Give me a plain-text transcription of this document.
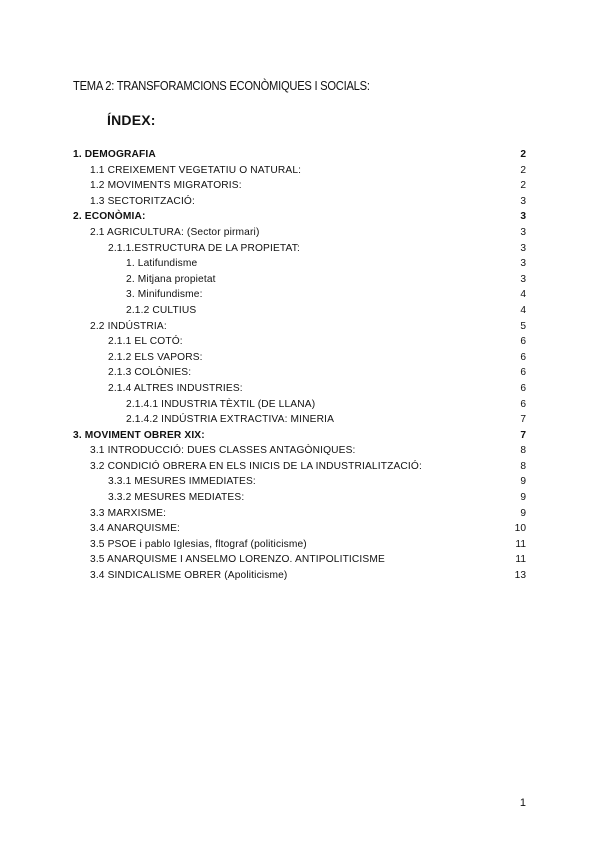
TEMA 2: TRANSFORAMCIONS ECONÒMIQUES I SOCIALS:
ÍNDEX:
1. DEMOGRAFIA	2
1.1 CREIXEMENT VEGETATIU O NATURAL:	2
1.2 MOVIMENTS MIGRATORIS:	2
1.3 SECTORITZACIÓ:	3
2. ECONÒMIA:	3
2.1 AGRICULTURA: (Sector pirmari)	3
2.1.1.ESTRUCTURA DE LA PROPIETAT:	3
1. Latifundisme	3
2. Mitjana propietat	3
3. Minifundisme:	4
2.1.2 CULTIUS	4
2.2 INDÚSTRIA:	5
2.1.1 EL COTÓ:	6
2.1.2 ELS VAPORS:	6
2.1.3 COLÒNIES:	6
2.1.4 ALTRES INDUSTRIES:	6
2.1.4.1 INDUSTRIA TÈXTIL (DE LLANA)	6
2.1.4.2 INDÚSTRIA EXTRACTIVA: MINERIA	7
3. MOVIMENT OBRER XIX:	7
3.1 INTRODUCCIÓ: DUES CLASSES ANTAGÒNIQUES:	8
3.2 CONDICIÓ OBRERA EN ELS INICIS DE LA INDUSTRIALITZACIÓ:	8
3.3.1 MESURES IMMEDIATES:	9
3.3.2 MESURES MEDIATES:	9
3.3 MARXISME:	9
3.4 ANARQUISME:	10
3.5 PSOE i pablo Iglesias, fltograf (politicisme)	11
3.5 ANARQUISME I ANSELMO LORENZO. ANTIPOLITICISME	11
3.4 SINDICALISME OBRER (Apoliticisme)	13
1
